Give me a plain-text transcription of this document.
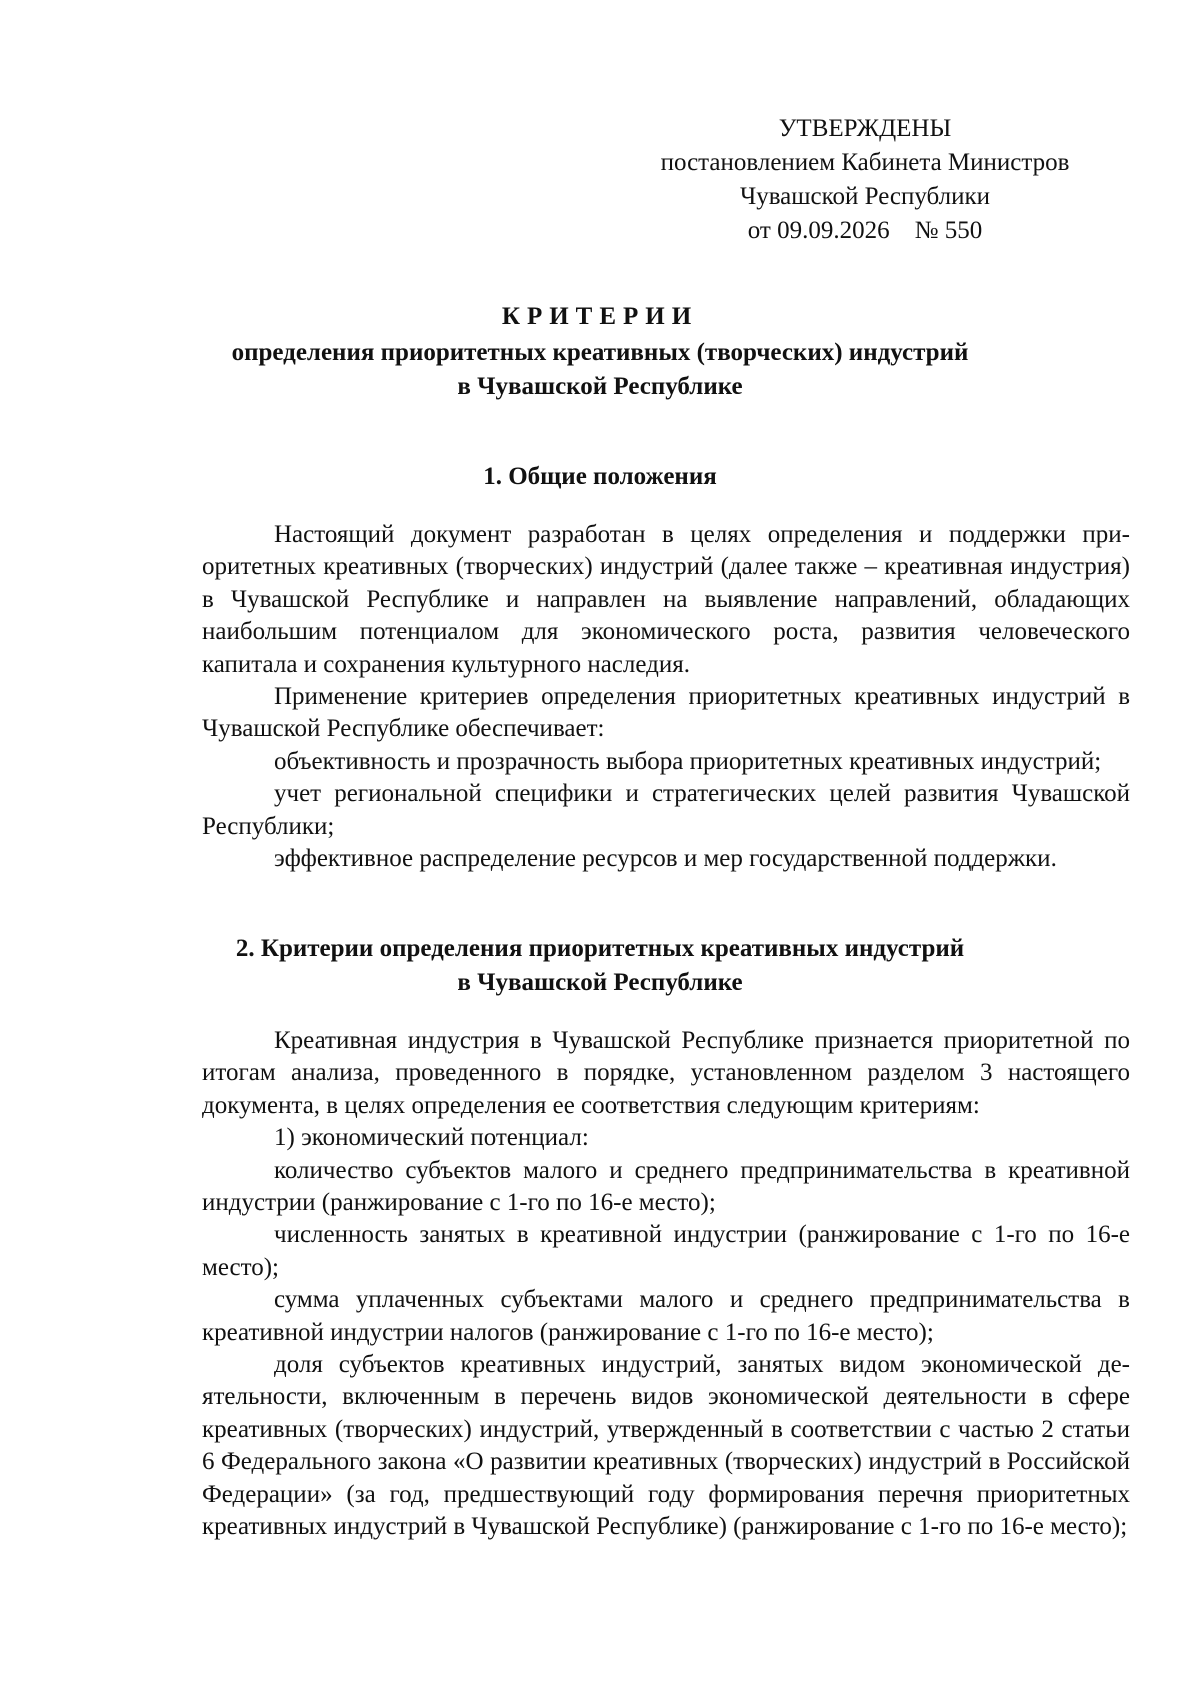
УТВЕРЖДЕНЫ
постановлением Кабинета Министров
Чувашской Республики
от 09.09.2026    № 550
КРИТЕРИИ
определения приоритетных креативных (творческих) индустрий
в Чувашской Республике
1. Общие положения

Настоящий документ разработан в целях определения и поддержки приоритетных креативных (творческих) индустрий (далее также – креативная индустрия) в Чувашской Республике и направлен на выявление направлений, обладающих наибольшим потенциалом для экономического роста, развития человеческого капитала и сохранения культурного наследия.

Применение критериев определения приоритетных креативных индустрий в Чувашской Республике обеспечивает:

объективность и прозрачность выбора приоритетных креативных индустрий;

учет региональной специфики и стратегических целей развития Чувашской Республики;

эффективное распределение ресурсов и мер государственной поддержки.

2. Критерии определения приоритетных креативных индустрий
в Чувашской Республике

Креативная индустрия в Чувашской Республике признается приоритетной по итогам анализа, проведенного в порядке, установленном разделом 3 настоящего документа, в целях определения ее соответствия следующим критериям:

1) экономический потенциал:

количество субъектов малого и среднего предпринимательства в креативной индустрии (ранжирование с 1-го по 16-е место);

численность занятых в креативной индустрии (ранжирование с 1-го по 16-е место);

сумма уплаченных субъектами малого и среднего предпринимательства в креативной индустрии налогов (ранжирование с 1-го по 16-е место);

доля субъектов креативных индустрий, занятых видом экономической деятельности, включенным в перечень видов экономической деятельности в сфере креативных (творческих) индустрий, утвержденный в соответствии с частью 2 статьи 6 Федерального закона «О развитии креативных (творческих) индустрий в Российской Федерации» (за год, предшествующий году формирования перечня приоритетных креативных индустрий в Чувашской Республике) (ранжирование с 1-го по 16-е место);
